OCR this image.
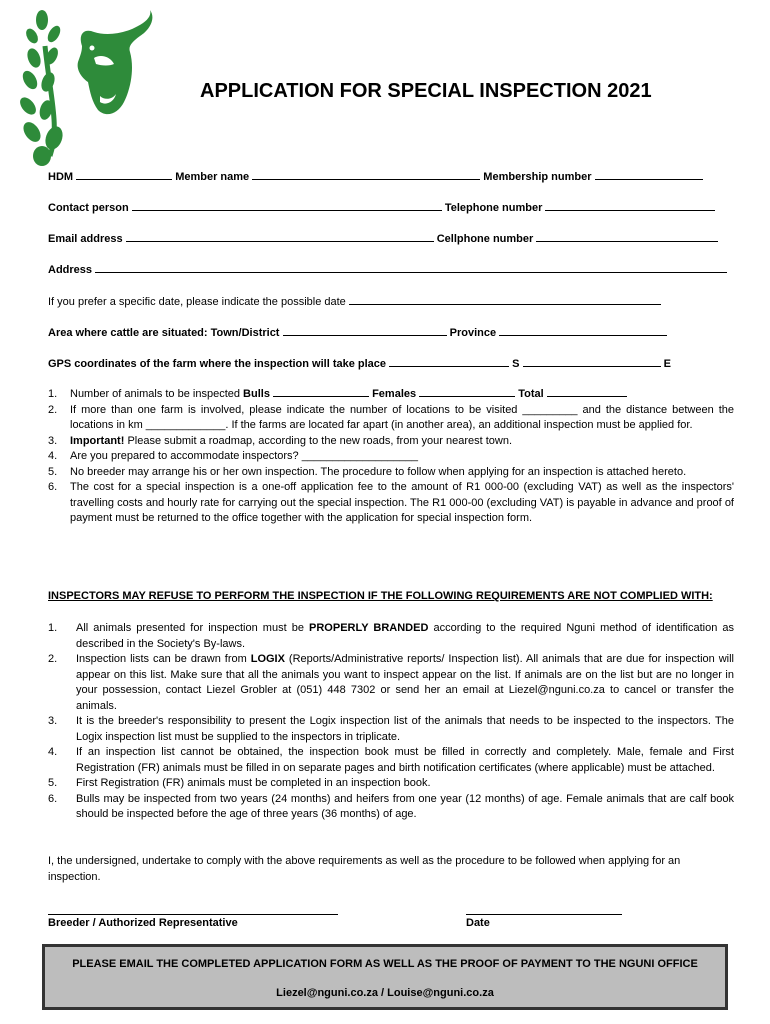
APPLICATION FOR SPECIAL INSPECTION 2021
HDM	Member name	Membership number
Contact person	Telephone number
Email address	Cellphone number
Address
If you prefer a specific date, please indicate the possible date
Area where cattle are situated: Town/District	Province
GPS coordinates of the farm where the inspection will take place	S	E
1.	Number of animals to be inspected Bulls	Females	Total
2.	If more than one farm is involved, please indicate the number of locations to be visited _________ and the distance between the locations in km _____________. If the farms are located far apart (in another area), an additional inspection must be applied for.
3.	Important! Please submit a roadmap, according to the new roads, from your nearest town.
4.	Are you prepared to accommodate inspectors? ___________________
5.	No breeder may arrange his or her own inspection. The procedure to follow when applying for an inspection is attached hereto.
6.	The cost for a special inspection is a one-off application fee to the amount of R1 000-00 (excluding VAT) as well as the inspectors' travelling costs and hourly rate for carrying out the special inspection. The R1 000-00 (excluding VAT) is payable in advance and proof of payment must be returned to the office together with the application for special inspection form.
INSPECTORS MAY REFUSE TO PERFORM THE INSPECTION IF THE FOLLOWING REQUIREMENTS ARE NOT COMPLIED WITH:
1.	All animals presented for inspection must be PROPERLY BRANDED according to the required Nguni method of identification as described in the Society's By-laws.
2.	Inspection lists can be drawn from LOGIX (Reports/Administrative reports/ Inspection list). All animals that are due for inspection will appear on this list. Make sure that all the animals you want to inspect appear on the list. If animals are on the list but are no longer in your possession, contact Liezel Grobler at (051) 448 7302 or send her an email at Liezel@nguni.co.za to cancel or transfer the animals.
3.	It is the breeder's responsibility to present the Logix inspection list of the animals that needs to be inspected to the inspectors. The Logix inspection list must be supplied to the inspectors in triplicate.
4.	If an inspection list cannot be obtained, the inspection book must be filled in correctly and completely. Male, female and First Registration (FR) animals must be filled in on separate pages and birth notification certificates (where applicable) must be attached.
5.	First Registration (FR) animals must be completed in an inspection book.
6.	Bulls may be inspected from two years (24 months) and heifers from one year (12 months) of age. Female animals that are calf book should be inspected before the age of three years (36 months) of age.
I, the undersigned, undertake to comply with the above requirements as well as the procedure to be followed when applying for an inspection.
Breeder / Authorized Representative	Date
PLEASE EMAIL THE COMPLETED APPLICATION FORM AS WELL AS THE PROOF OF PAYMENT TO THE NGUNI OFFICE
Liezel@nguni.co.za / Louise@nguni.co.za
